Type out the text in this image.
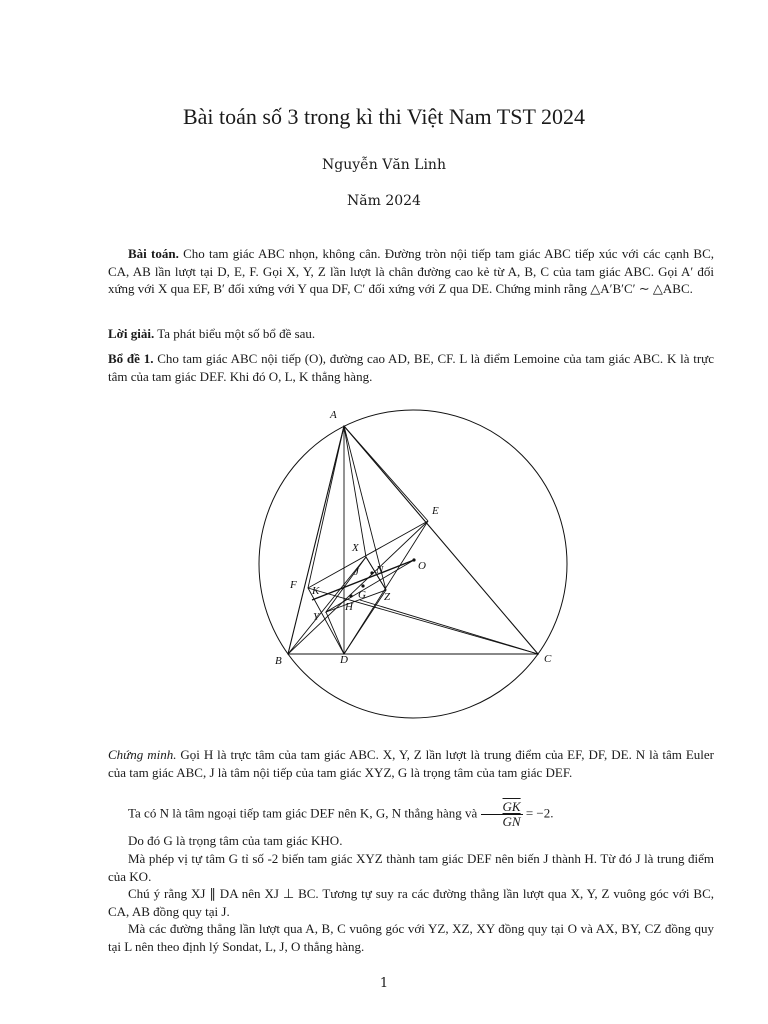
Bài toán số 3 trong kì thi Việt Nam TST 2024
Nguyễn Văn Linh
Năm 2024
Bài toán. Cho tam giác ABC nhọn, không cân. Đường tròn nội tiếp tam giác ABC tiếp xúc với các cạnh BC, CA, AB lần lượt tại D, E, F. Gọi X, Y, Z lần lượt là chân đường cao kẻ từ A, B, C của tam giác ABC. Gọi A′ đối xứng với X qua EF, B′ đối xứng với Y qua DF, C′ đối xứng với Z qua DE. Chứng minh rằng △A′B′C′ ∼ △ABC.
Lời giải. Ta phát biểu một số bổ đề sau.
Bổ đề 1. Cho tam giác ABC nội tiếp (O), đường cao AD, BE, CF. L là điểm Lemoine của tam giác ABC. K là trực tâm của tam giác DEF. Khi đó O, L, K thẳng hàng.
A
B	C
D
E
F
X
Y
Z
O
H
G
K
J N
Chứng minh. Gọi H là trực tâm của tam giác ABC. X, Y, Z lần lượt là trung điểm của EF, DF, DE. N là tâm Euler của tam giác ABC, J là tâm nội tiếp của tam giác XYZ, G là trọng tâm của tam giác DEF.
Ta có N là tâm ngoại tiếp tam giác DEF nên K, G, N thẳng hàng và $\frac{\overline{GK}}{GN} = -2$.
Do đó G là trọng tâm của tam giác KHO.
Mà phép vị tự tâm G tỉ số -2 biến tam giác XYZ thành tam giác DEF nên biến J thành H. Từ đó J là trung điểm của KO.
Chú ý rằng XJ ∥ DA nên XJ ⊥ BC. Tương tự suy ra các đường thẳng lần lượt qua X, Y, Z vuông góc với BC, CA, AB đồng quy tại J.
Mà các đường thẳng lần lượt qua A, B, C vuông góc với YZ, XZ, XY đồng quy tại O và AX, BY, CZ đồng quy tại L nên theo định lý Sondat, L, J, O thẳng hàng.
1
